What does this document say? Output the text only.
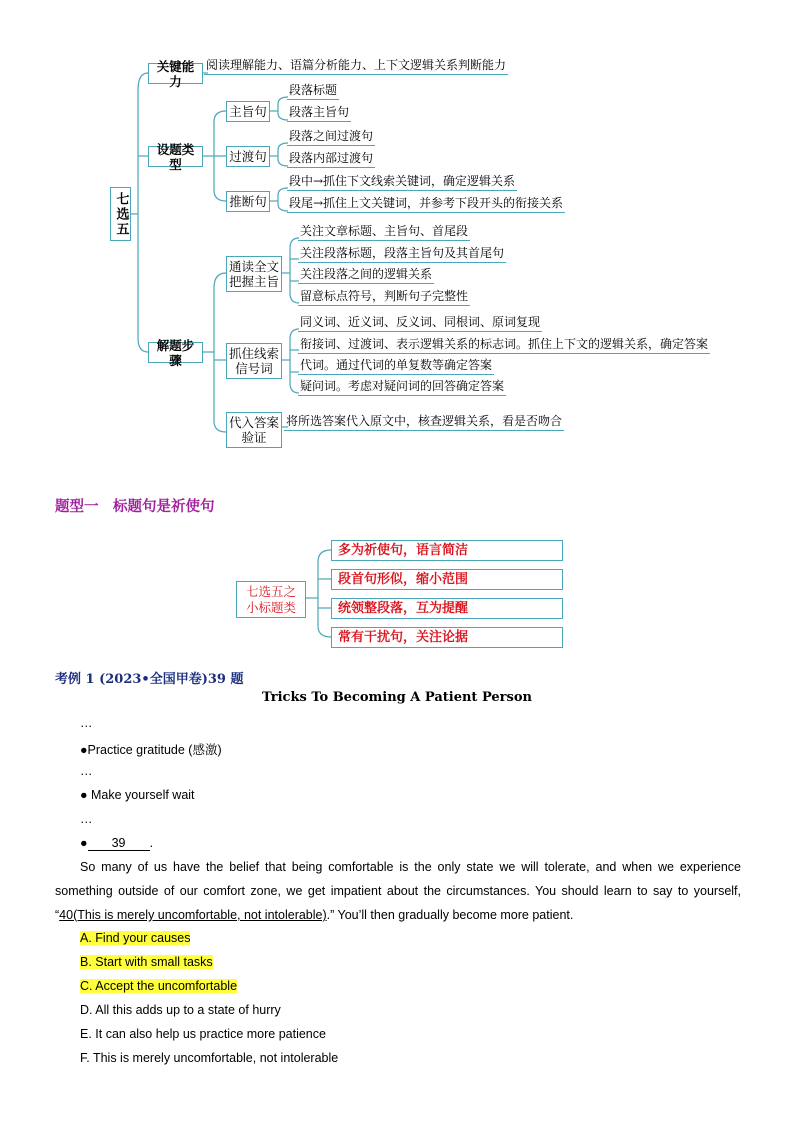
七选五
关键能力
阅读理解能力、语篇分析能力、上下文逻辑关系判断能力
设题类型
主旨句
段落标题
段落主旨句
过渡句
段落之间过渡句
段落内部过渡句
推断句
段中→抓住下文线索关键词，确定逻辑关系
段尾→抓住上文关键词，并参考下段开头的衔接关系
解题步骤
通读全文
把握主旨
关注文章标题、主旨句、首尾段
关注段落标题，段落主旨句及其首尾句
关注段落之间的逻辑关系
留意标点符号，判断句子完整性
抓住线索
信号词
同义词、近义词、反义词、同根词、原词复现
衔接词、过渡词、表示逻辑关系的标志词。抓住上下文的逻辑关系，确定答案
代词。通过代词的单复数等确定答案
疑问词。考虑对疑问词的回答确定答案
代入答案
验证
将所选答案代入原文中，核查逻辑关系，看是否吻合
题型一　标题句是祈使句
七选五之
小标题类
多为祈使句，语言简洁
段首句形似，缩小范围
统领整段落，互为提醒
常有干扰句，关注论据
考例 1 (2023•全国甲卷)39 题
Tricks To Becoming A Patient Person
…
●Practice gratitude (感激)
…
● Make yourself wait
…
● 39 .
So many of us have the belief that being comfortable is the only state we will tolerate, and when we experience something outside of our comfort zone, we get impatient about the circumstances. You should learn to say to yourself, “40(This is merely uncomfortable, not intolerable).” You’ll then gradually become more patient.
A. Find your causes
B. Start with small tasks
C. Accept the uncomfortable
D. All this adds up to a state of hurry
E. It can also help us practice more patience
F. This is merely uncomfortable, not intolerable
